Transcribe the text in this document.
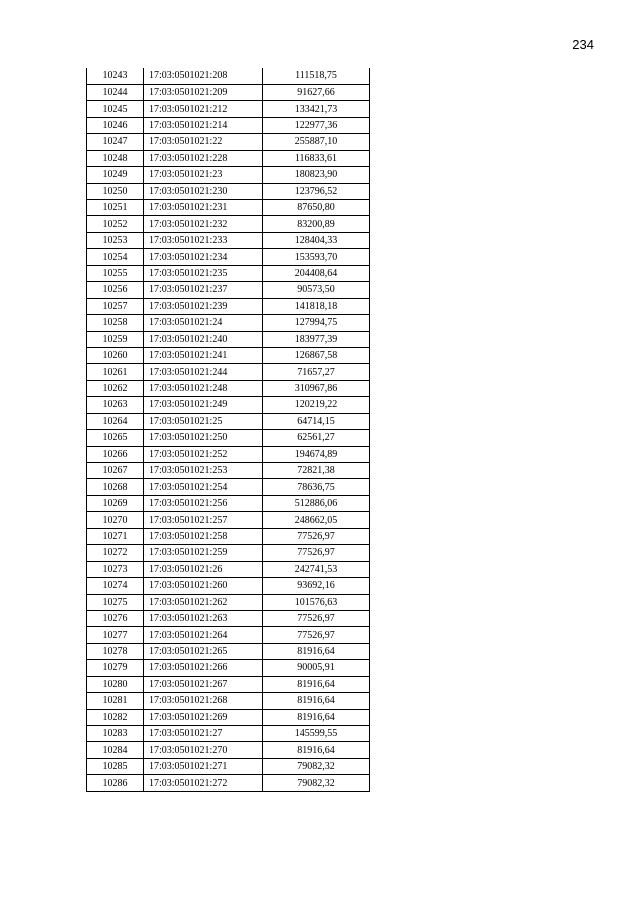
234
10243	17:03:0501021:208	111518,75
10244	17:03:0501021:209	91627,66
10245	17:03:0501021:212	133421,73
10246	17:03:0501021:214	122977,36
10247	17:03:0501021:22	255887,10
10248	17:03:0501021:228	116833,61
10249	17:03:0501021:23	180823,90
10250	17:03:0501021:230	123796,52
10251	17:03:0501021:231	87650,80
10252	17:03:0501021:232	83200,89
10253	17:03:0501021:233	128404,33
10254	17:03:0501021:234	153593,70
10255	17:03:0501021:235	204408,64
10256	17:03:0501021:237	90573,50
10257	17:03:0501021:239	141818,18
10258	17:03:0501021:24	127994,75
10259	17:03:0501021:240	183977,39
10260	17:03:0501021:241	126867,58
10261	17:03:0501021:244	71657,27
10262	17:03:0501021:248	310967,86
10263	17:03:0501021:249	120219,22
10264	17:03:0501021:25	64714,15
10265	17:03:0501021:250	62561,27
10266	17:03:0501021:252	194674,89
10267	17:03:0501021:253	72821,38
10268	17:03:0501021:254	78636,75
10269	17:03:0501021:256	512886,06
10270	17:03:0501021:257	248662,05
10271	17:03:0501021:258	77526,97
10272	17:03:0501021:259	77526,97
10273	17:03:0501021:26	242741,53
10274	17:03:0501021:260	93692,16
10275	17:03:0501021:262	101576,63
10276	17:03:0501021:263	77526,97
10277	17:03:0501021:264	77526,97
10278	17:03:0501021:265	81916,64
10279	17:03:0501021:266	90005,91
10280	17:03:0501021:267	81916,64
10281	17:03:0501021:268	81916,64
10282	17:03:0501021:269	81916,64
10283	17:03:0501021:27	145599,55
10284	17:03:0501021:270	81916,64
10285	17:03:0501021:271	79082,32
10286	17:03:0501021:272	79082,32
